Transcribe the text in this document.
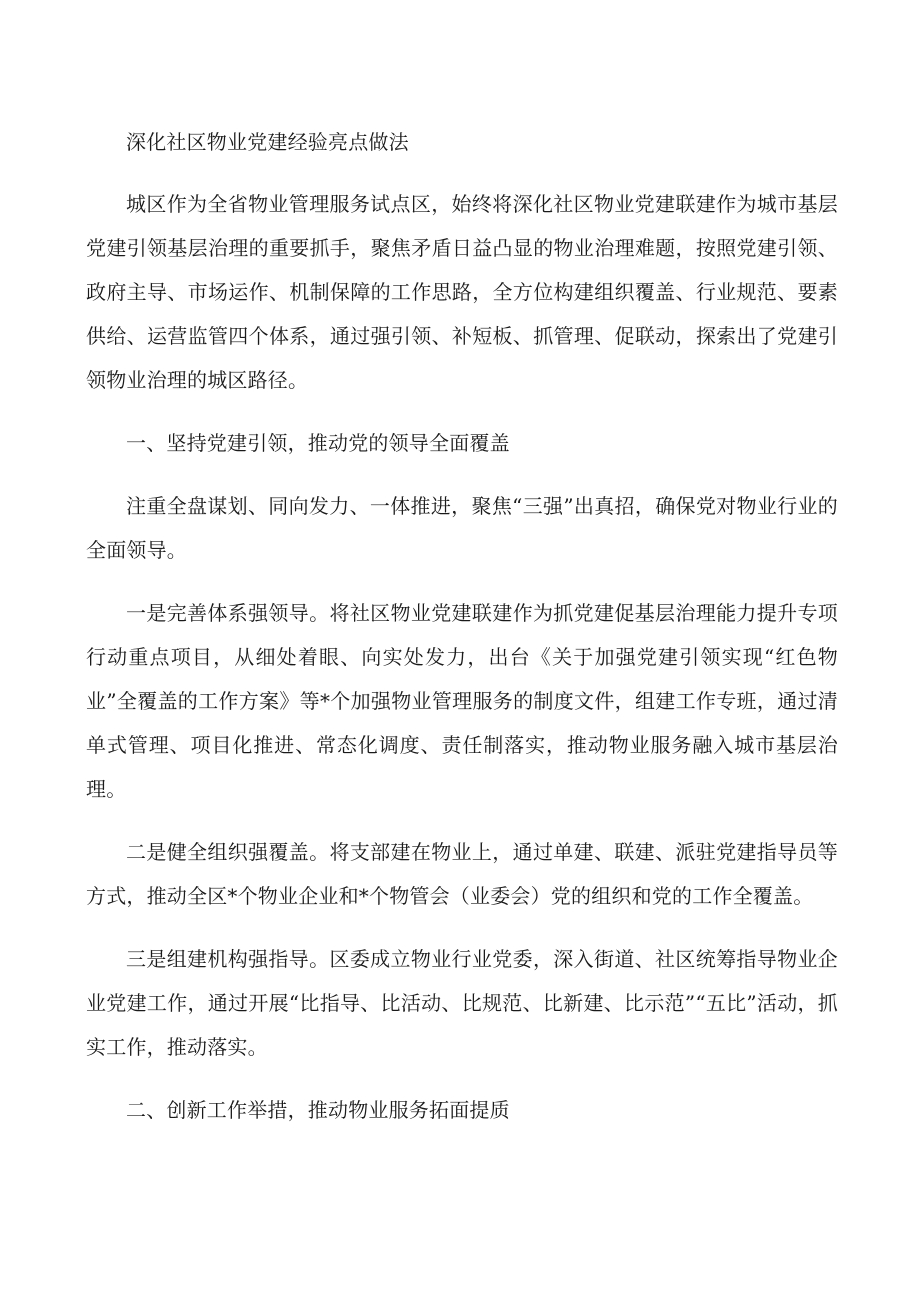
深化社区物业党建经验亮点做法

城区作为全省物业管理服务试点区，始终将深化社区物业党建联建作为城市基层党建引领基层治理的重要抓手，聚焦矛盾日益凸显的物业治理难题，按照党建引领、政府主导、市场运作、机制保障的工作思路，全方位构建组织覆盖、行业规范、要素供给、运营监管四个体系，通过强引领、补短板、抓管理、促联动，探索出了党建引领物业治理的城区路径。

一、坚持党建引领，推动党的领导全面覆盖

注重全盘谋划、同向发力、一体推进，聚焦“三强”出真招，确保党对物业行业的全面领导。

一是完善体系强领导。将社区物业党建联建作为抓党建促基层治理能力提升专项行动重点项目，从细处着眼、向实处发力，出台《关于加强党建引领实现“红色物业”全覆盖的工作方案》等*个加强物业管理服务的制度文件，组建工作专班，通过清单式管理、项目化推进、常态化调度、责任制落实，推动物业服务融入城市基层治理。

二是健全组织强覆盖。将支部建在物业上，通过单建、联建、派驻党建指导员等方式，推动全区*个物业企业和*个物管会（业委会）党的组织和党的工作全覆盖。

三是组建机构强指导。区委成立物业行业党委，深入街道、社区统筹指导物业企业党建工作，通过开展“比指导、比活动、比规范、比新建、比示范”“五比”活动，抓实工作，推动落实。

二、创新工作举措，推动物业服务拓面提质
